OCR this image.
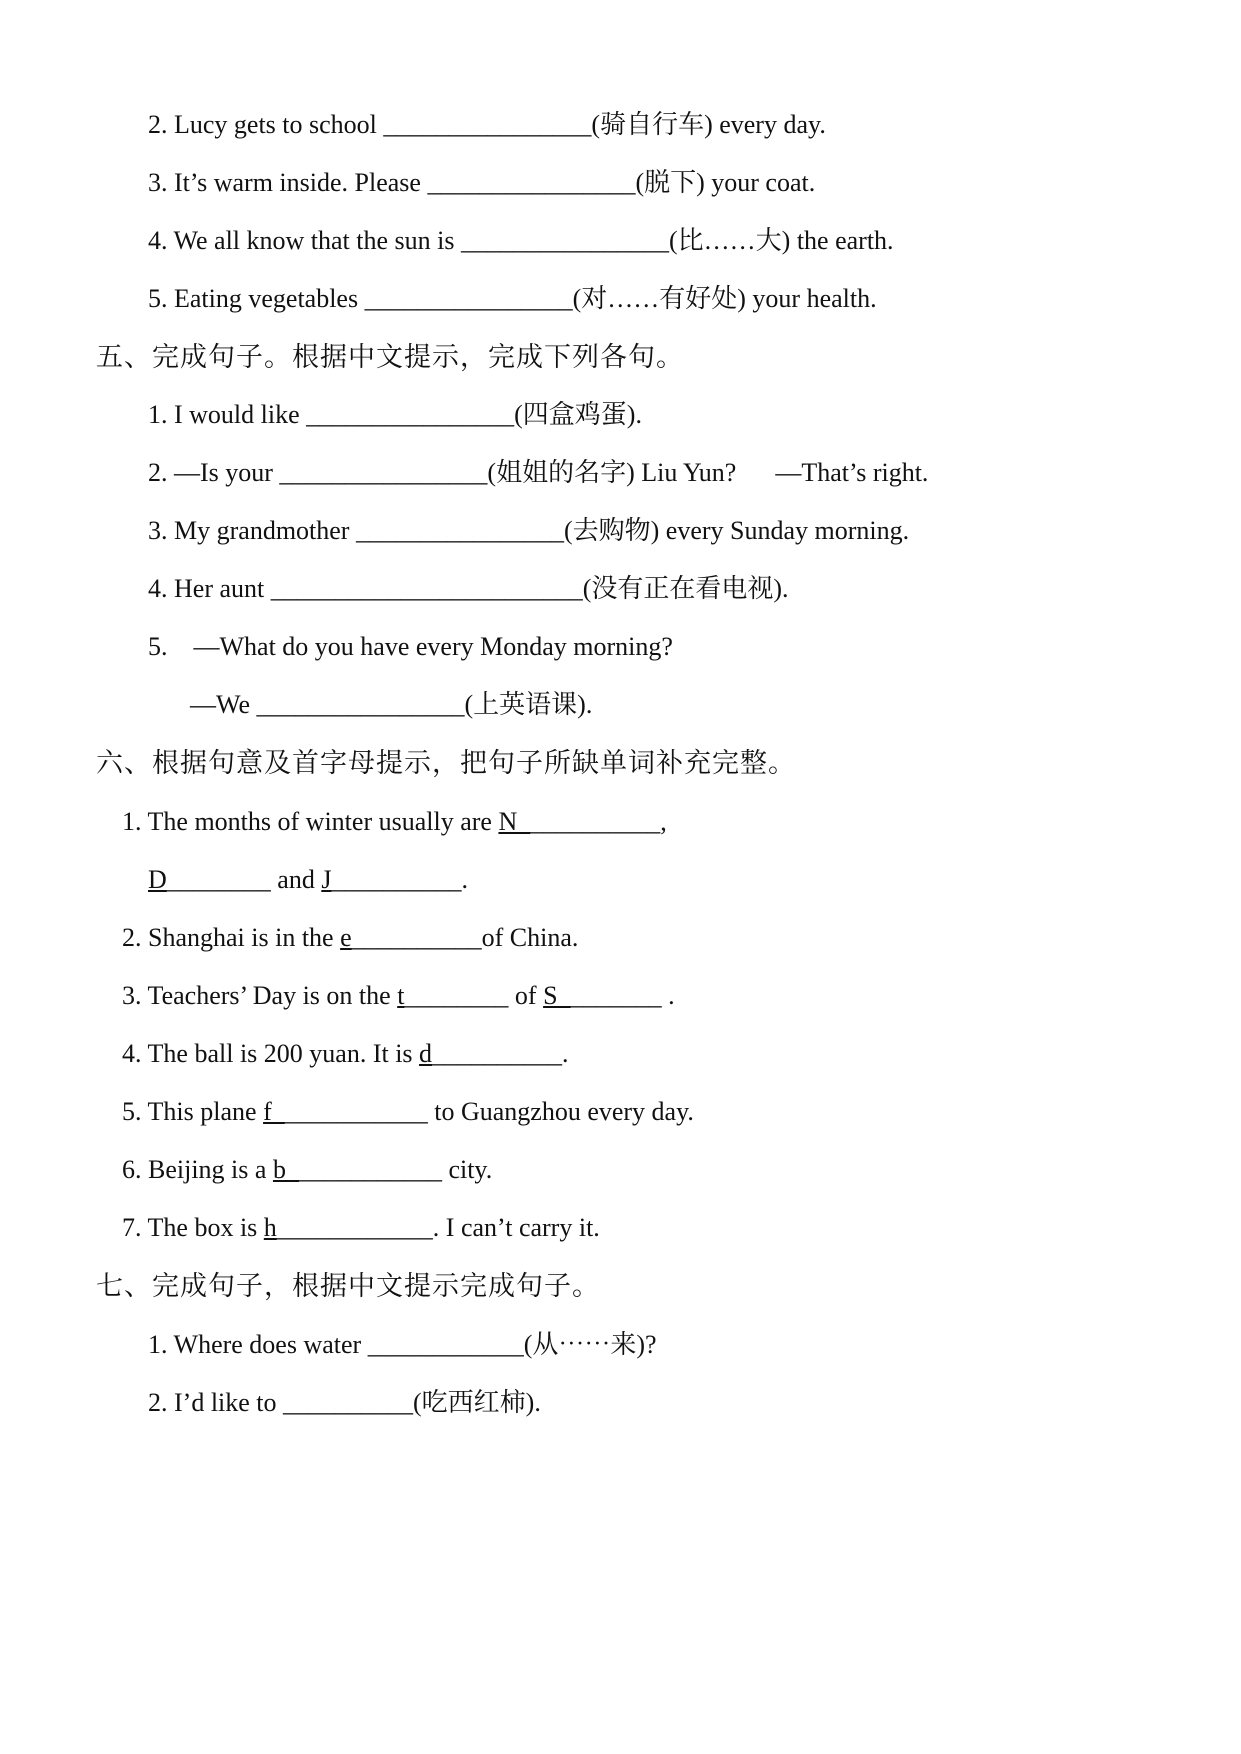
2. Lucy gets to school ________________(骑自行车) every day.
3. It’s warm inside. Please ________________(脱下) your coat.
4. We all know that the sun is ________________(比……大) the earth.
5. Eating vegetables ________________(对……有好处) your health.
五、完成句子。根据中文提示，完成下列各句。
1. I would like ________________(四盒鸡蛋).
2. —Is your ________________(姐姐的名字) Liu Yun?      —That’s right.
3. My grandmother ________________(去购物) every Sunday morning.
4. Her aunt ________________________(没有正在看电视).
5.    —What do you have every Monday morning?
—We ________________(上英语课).
六、根据句意及首字母提示，把句子所缺单词补充完整。
1. The months of winter usually are N___________,
D________ and J__________.
2. Shanghai is in the e__________of China.
3. Teachers’ Day is on the t________ of S________ .
4. The ball is 200 yuan. It is d__________.
5. This plane f____________ to Guangzhou every day.
6. Beijing is a b____________ city.
7. The box is h____________. I can’t carry it.
七、完成句子，根据中文提示完成句子。
1. Where does water ____________(从⋯⋯来)?
2. I’d like to __________(吃西红柿).
